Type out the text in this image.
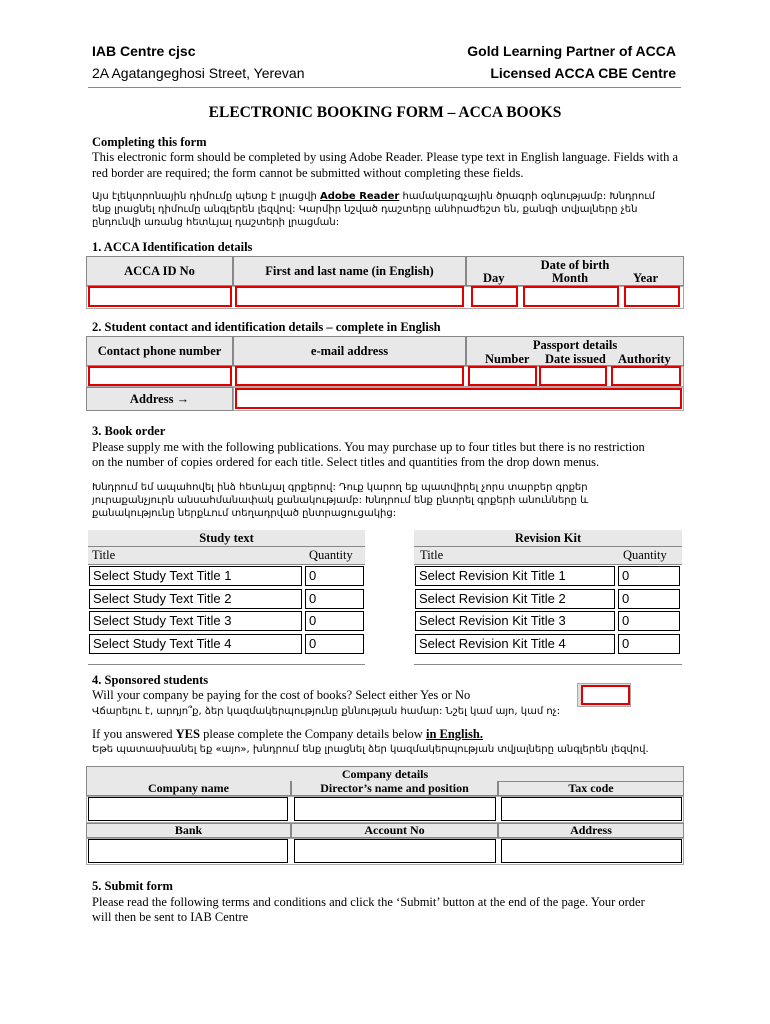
IAB Centre cjsc
2A Agatangeghosi Street, Yerevan
Gold Learning Partner of ACCA
Licensed ACCA CBE Centre
ELECTRONIC BOOKING FORM – ACCA BOOKS
Completing this form
This electronic form should be completed by using Adobe Reader. Please type text in English language. Fields with a red border are required; the form cannot be submitted without completing these fields.
Այս էլեկտրոնային դիմումը պետք է լրացվի Adobe Reader համակարգչային ծրագրի օգնությամբ: Խնդրում
ենք լրացնել դիմումը անգլերեն լեզվով: Կարմիր նշված դաշտերը անհրաժեշտ են, քանզի տվյալները չեն
ընդունվի առանց հետևյալ դաշտերի լրացման:
1. ACCA Identification details
ACCA ID No	First and last name (in English)	Date of birth
Day	Month	Year
2. Student contact and identification details – complete in English
Contact phone number	e-mail address	Passport details
Number Date issued Authority
Address →
3. Book order
Please supply me with the following publications. You may purchase up to four titles but there is no restriction
on the number of copies ordered for each title. Select titles and quantities from the drop down menus.
Խնդրում եմ ապահովել ինձ հետևյալ գրքերով: Դուք կարող եք պատվիրել չորս տարբեր գրքեր
յուրաքանչյուրն անսահմանափակ քանակությամբ: Խնդրում ենք ընտրել գրքերի անունները և
քանակությունը ներքևում տեղադրված ընտրացուցակից:
Study text
Title	Quantity
Select Study Text Title 1	0
Select Study Text Title 2	0
Select Study Text Title 3	0
Select Study Text Title 4	0
Revision Kit
Title	Quantity
Select Revision Kit Title 1	0
Select Revision Kit Title 2	0
Select Revision Kit Title 3	0
Select Revision Kit Title 4	0
4. Sponsored students
Will your company be paying for the cost of books? Select either Yes or No
Վճարելու է, արդյո՞ք, ձեր կազմակերպությունը քննության համար: Նշել կամ այո, կամ ոչ:
If you answered YES please complete the Company details below in English.
Եթե պատասխանել եք «այո», խնդրում ենք լրացնել ձեր կազմակերպության տվյալները անգլերեն լեզվով.
Company details
Company name	Director’s name and position	Tax code
Bank	Account No	Address
5. Submit form
Please read the following terms and conditions and click the ‘Submit’ button at the end of the page. Your order
will then be sent to IAB Centre
